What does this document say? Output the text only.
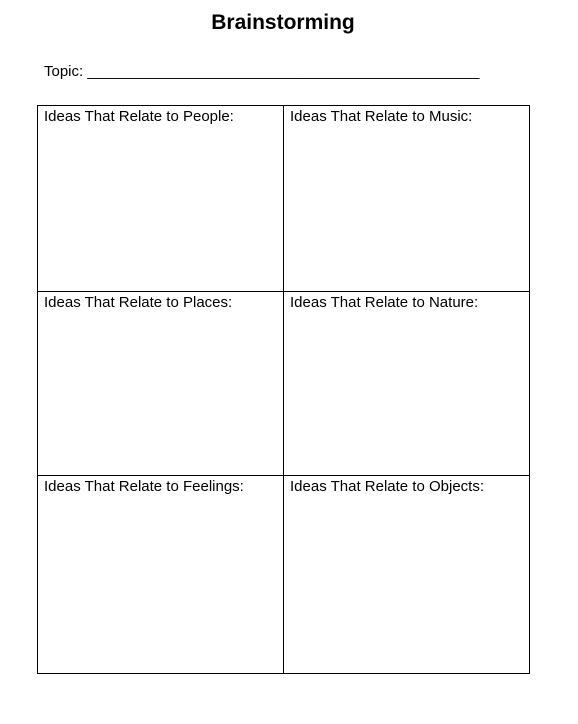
Brainstorming
Topic: _______________________________________________
Ideas That Relate to People:	Ideas That Relate to Music:
Ideas That Relate to Places:	Ideas That Relate to Nature:
Ideas That Relate to Feelings:	Ideas That Relate to Objects:
